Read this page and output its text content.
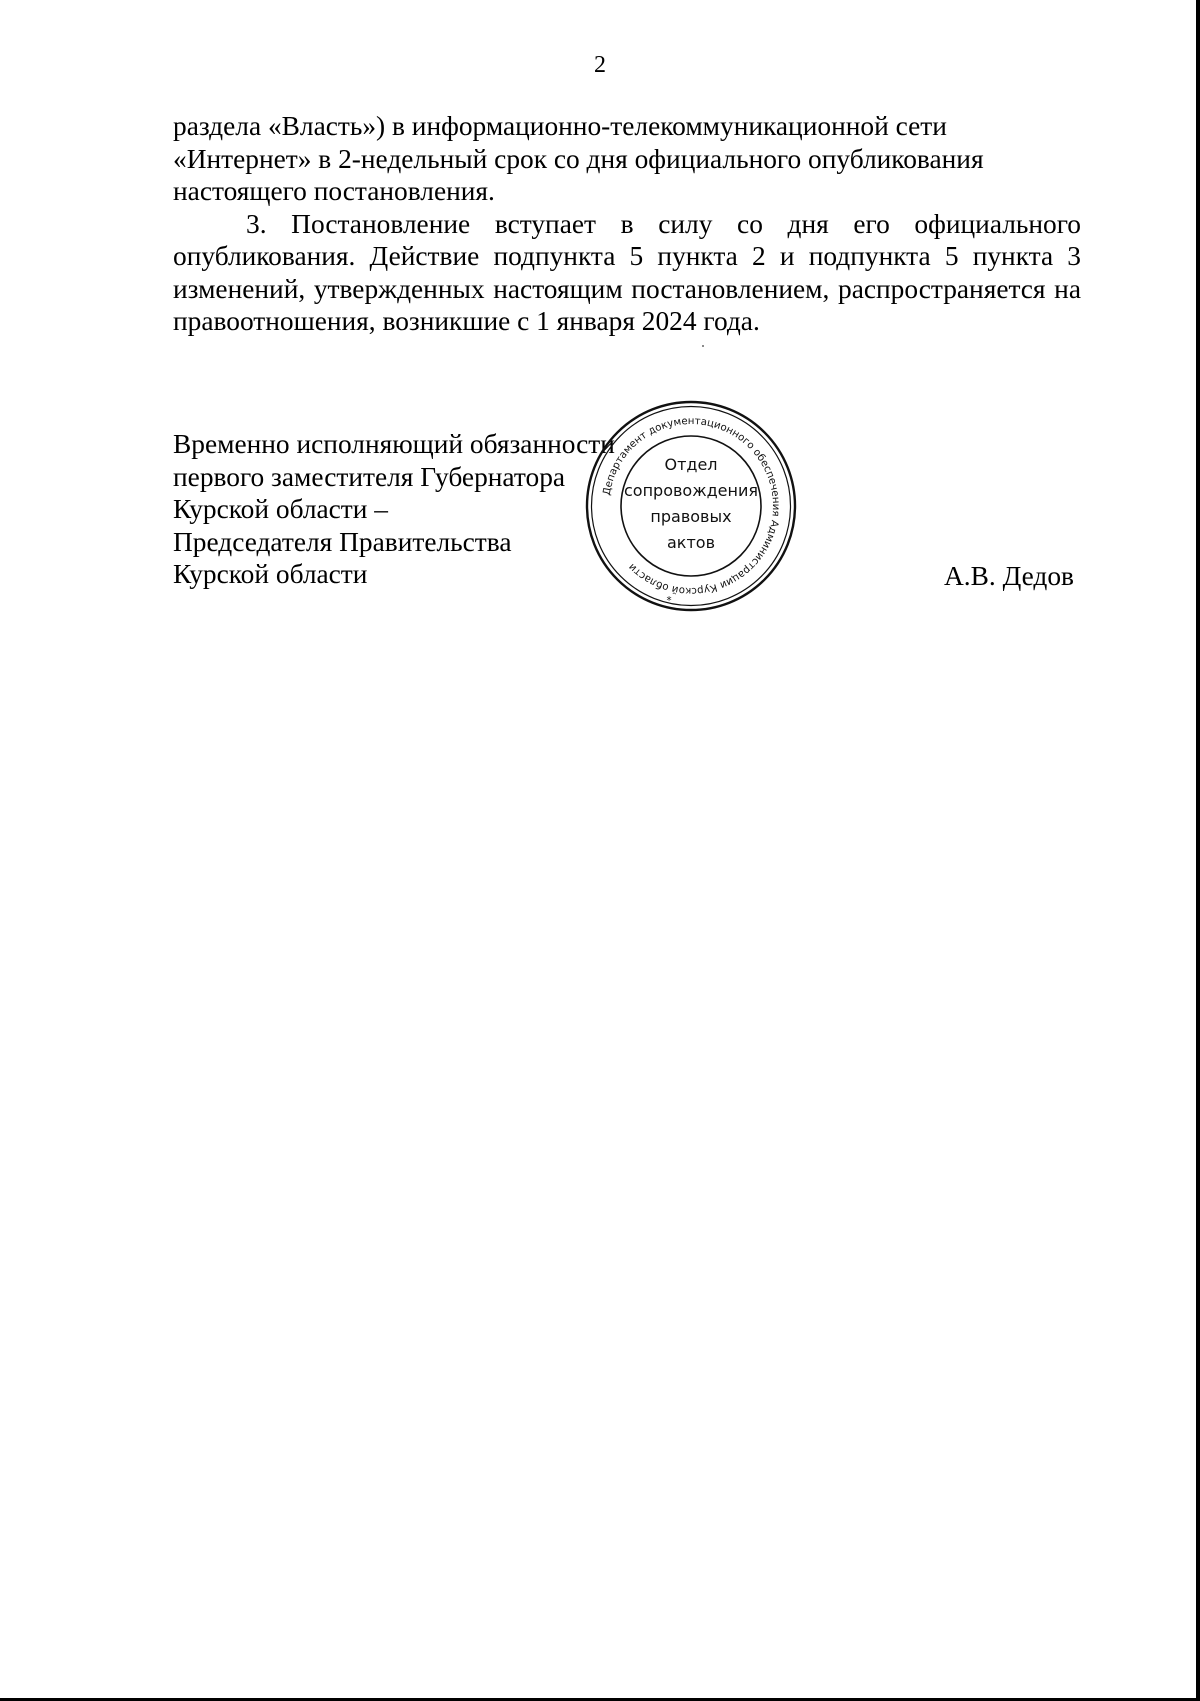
2

раздела «Власть») в информационно-телекоммуникационной сети
«Интернет» в 2-недельный срок со дня официального опубликования
настоящего постановления.

3. Постановление вступает в силу со дня его официального опубликования. Действие подпункта 5 пункта 2 и подпункта 5 пункта 3 изменений, утвержденных настоящим постановлением, распространяется на правоотношения, возникшие с 1 января 2024 года.

Временно исполняющий обязанности
первого заместителя Губернатора
Курской области –
Председателя Правительства
Курской области
Департамент документационного обеспечения Администрации Курской области
Отдел
сопровождения
правовых
актов
*
А.В. Дедов
